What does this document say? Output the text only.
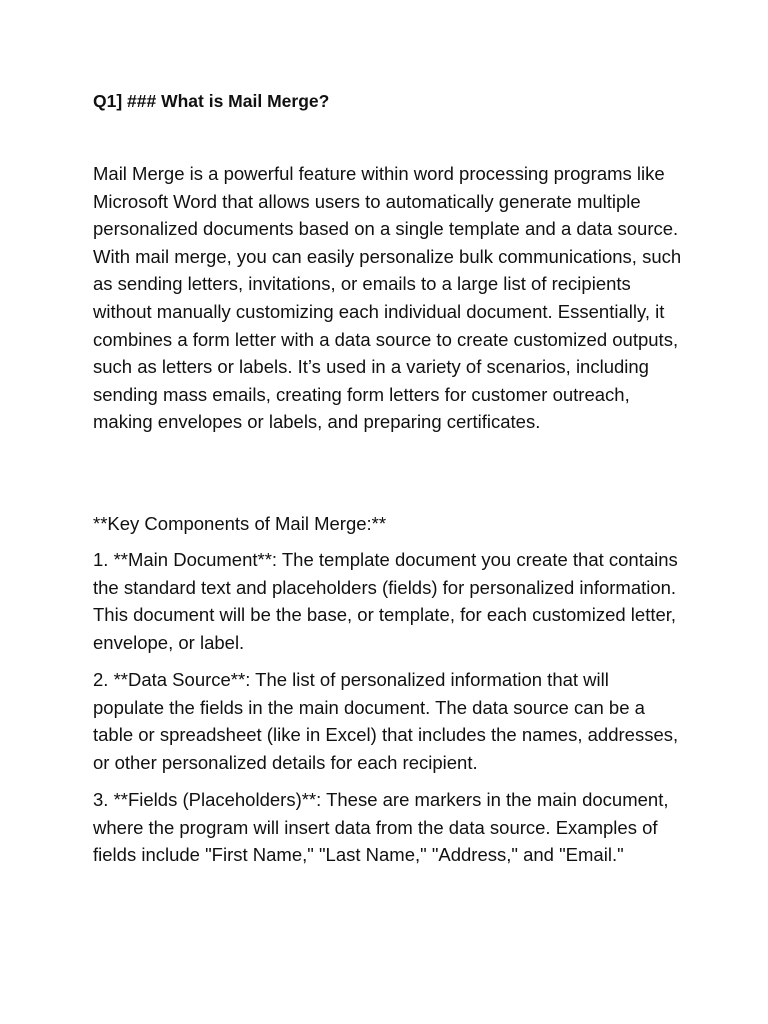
Q1] ### What is Mail Merge?

Mail Merge is a powerful feature within word processing programs like Microsoft Word that allows users to automatically generate multiple personalized documents based on a single template and a data source. With mail merge, you can easily personalize bulk communications, such as sending letters, invitations, or emails to a large list of recipients without manually customizing each individual document. Essentially, it combines a form letter with a data source to create customized outputs, such as letters or labels. It’s used in a variety of scenarios, including sending mass emails, creating form letters for customer outreach, making envelopes or labels, and preparing certificates.

**Key Components of Mail Merge:**

1. **Main Document**: The template document you create that contains the standard text and placeholders (fields) for personalized information. This document will be the base, or template, for each customized letter, envelope, or label.

2. **Data Source**: The list of personalized information that will populate the fields in the main document. The data source can be a table or spreadsheet (like in Excel) that includes the names, addresses, or other personalized details for each recipient.

3. **Fields (Placeholders)**: These are markers in the main document, where the program will insert data from the data source. Examples of fields include "First Name," "Last Name," "Address," and "Email."
